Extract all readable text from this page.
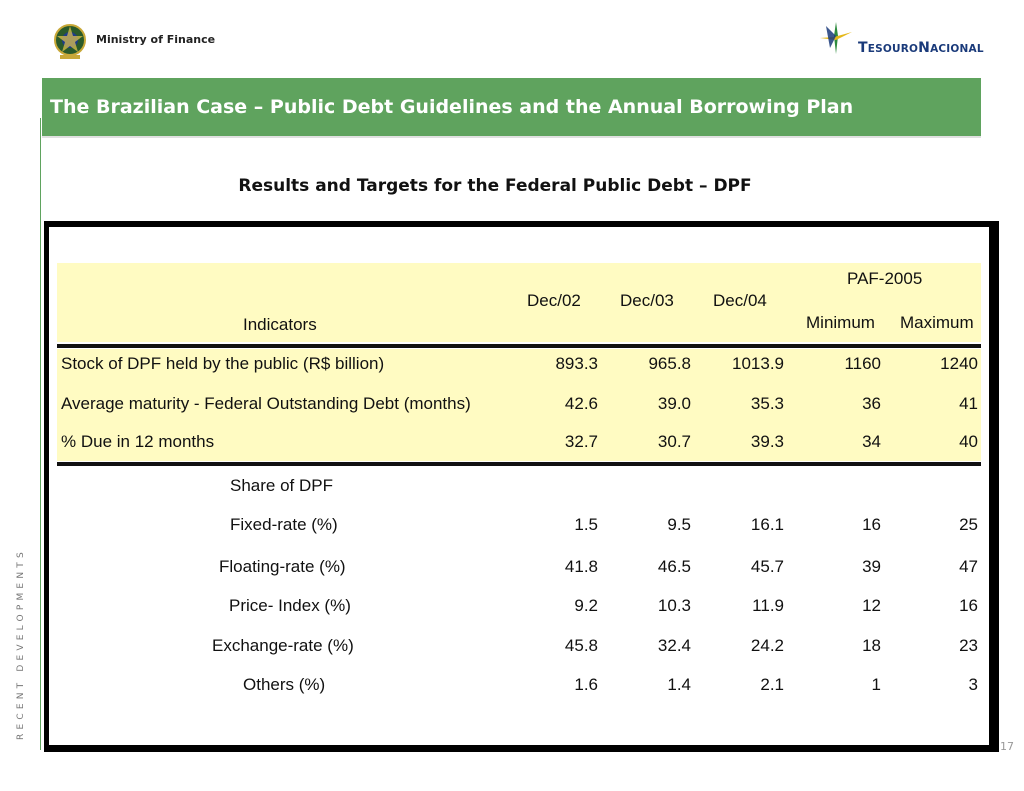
Ministry of Finance
TESOURONACIONAL
The Brazilian Case – Public Debt Guidelines and the Annual Borrowing Plan
RECENT DEVELOPMENTS
Results and Targets for the Federal Public Debt – DPF
Indicators
Dec/02 Dec/03 Dec/04
PAF-2005
Minimum Maximum
Stock of DPF held by the public (R$ billion)	893.3	965.8	1013.9	1160	1240
Average maturity - Federal Outstanding Debt (months)	42.6	39.0	35.3	36	41
% Due in 12 months	32.7	30.7	39.3	34	40
Share of DPF
Fixed-rate (%)	1.5	9.5	16.1	16	25
Floating-rate (%)	41.8	46.5	45.7	39	47
Price- Index (%)	9.2	10.3	11.9	12	16
Exchange-rate (%)	45.8	32.4	24.2	18	23
Others (%)	1.6	1.4	2.1	1	3
17
